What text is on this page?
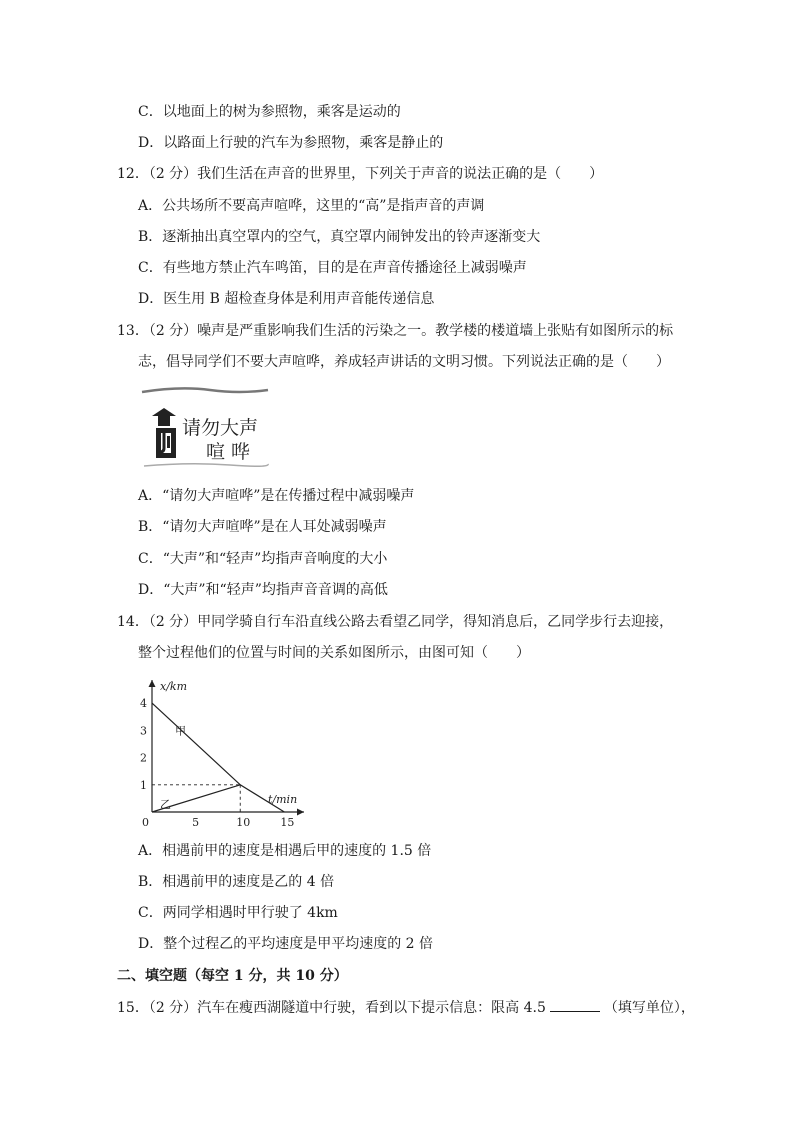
C．以地面上的树为参照物，乘客是运动的
D．以路面上行驶的汽车为参照物，乘客是静止的
12．（2 分）我们生活在声音的世界里，下列关于声音的说法正确的是（　　）
A．公共场所不要高声喧哗，这里的“高”是指声音的声调
B．逐渐抽出真空罩内的空气，真空罩内闹钟发出的铃声逐渐变大
C．有些地方禁止汽车鸣笛，目的是在声音传播途径上减弱噪声
D．医生用 B 超检查身体是利用声音能传递信息
13．（2 分）噪声是严重影响我们生活的污染之一。教学楼的楼道墙上张贴有如图所示的标
志，倡导同学们不要大声喧哗，养成轻声讲话的文明习惯。下列说法正确的是（　　）
请勿大声
喧 哗
A．“请勿大声喧哗”是在传播过程中减弱噪声
B．“请勿大声喧哗”是在人耳处减弱噪声
C．“大声”和“轻声”均指声音响度的大小
D．“大声”和“轻声”均指声音音调的高低
14．（2 分）甲同学骑自行车沿直线公路去看望乙同学，得知消息后，乙同学步行去迎接，
整个过程他们的位置与时间的关系如图所示，由图可知（　　）
x/km
t/min
0	5	10	15
1
2
3
4
甲
乙
A．相遇前甲的速度是相遇后甲的速度的 1.5 倍
B．相遇前甲的速度是乙的 4 倍
C．两同学相遇时甲行驶了 4km
D．整个过程乙的平均速度是甲平均速度的 2 倍
二、填空题（每空 1 分，共 10 分）
15．（2 分）汽车在瘦西湖隧道中行驶，看到以下提示信息：限高 4.5	（填写单位），
